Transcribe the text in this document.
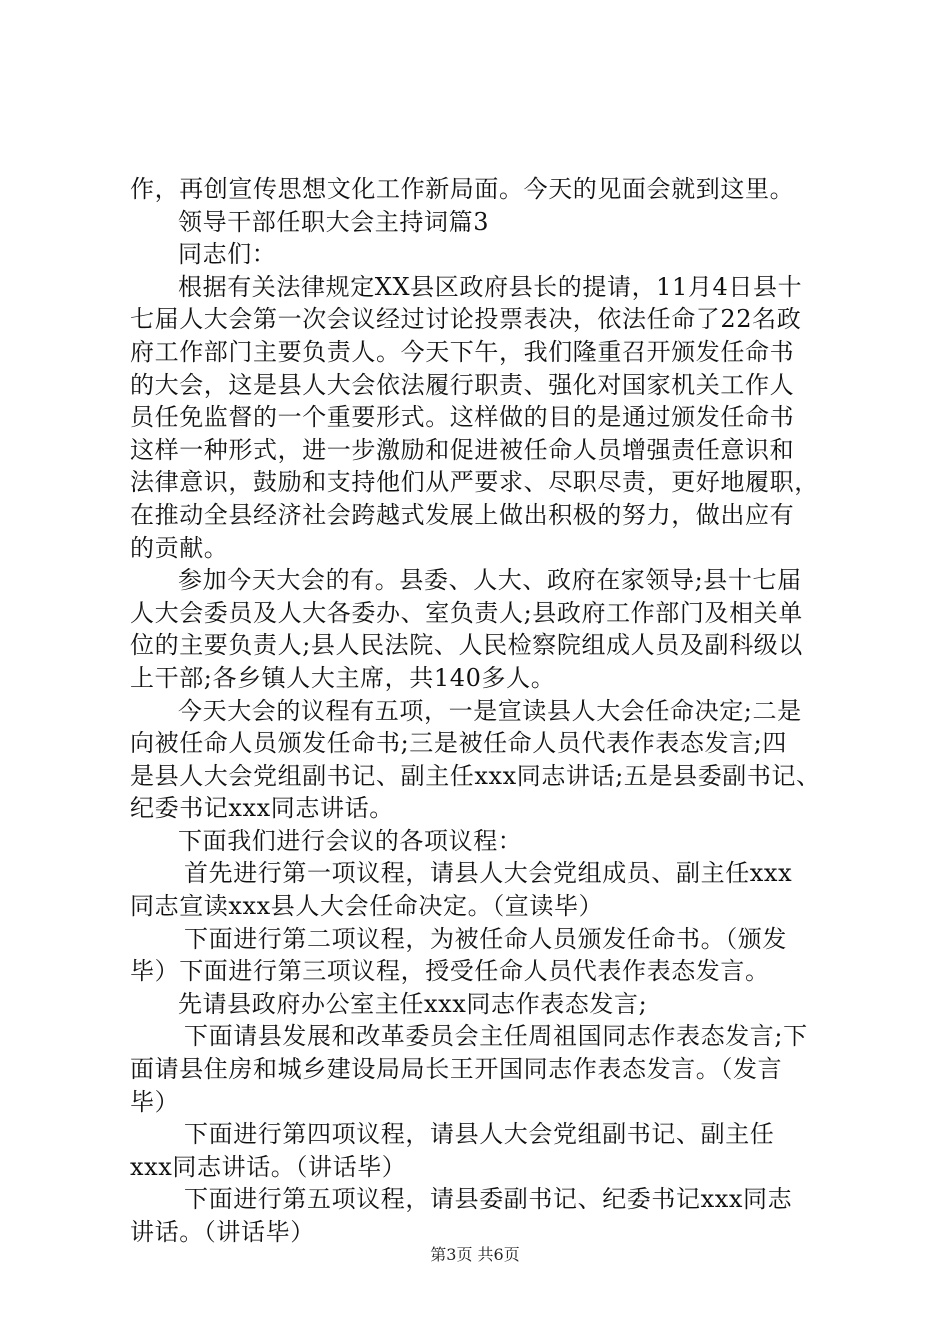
作，再创宣传思想文化工作新局面。今天的见面会就到这里。
领导干部任职大会主持词篇3
同志们：
根据有关法律规定XX县区政府县长的提请，11月4日县十
七届人大会第一次会议经过讨论投票表决，依法任命了22名政
府工作部门主要负责人。今天下午，我们隆重召开颁发任命书
的大会，这是县人大会依法履行职责、强化对国家机关工作人
员任免监督的一个重要形式。这样做的目的是通过颁发任命书
这样一种形式，进一步激励和促进被任命人员增强责任意识和
法律意识，鼓励和支持他们从严要求、尽职尽责，更好地履职，
在推动全县经济社会跨越式发展上做出积极的努力，做出应有
的贡献。
参加今天大会的有。县委、人大、政府在家领导;县十七届
人大会委员及人大各委办、室负责人;县政府工作部门及相关单
位的主要负责人;县人民法院、人民检察院组成人员及副科级以
上干部;各乡镇人大主席，共140多人。
今天大会的议程有五项，一是宣读县人大会任命决定;二是
向被任命人员颁发任命书;三是被任命人员代表作表态发言;四
是县人大会党组副书记、副主任xxx同志讲话;五是县委副书记、
纪委书记xxx同志讲话。
下面我们进行会议的各项议程：
首先进行第一项议程，请县人大会党组成员、副主任xxx
同志宣读xxx县人大会任命决定。（宣读毕）
下面进行第二项议程，为被任命人员颁发任命书。（颁发
毕）下面进行第三项议程，授受任命人员代表作表态发言。
先请县政府办公室主任xxx同志作表态发言;
下面请县发展和改革委员会主任周祖国同志作表态发言;下
面请县住房和城乡建设局局长王开国同志作表态发言。（发言
毕）
下面进行第四项议程，请县人大会党组副书记、副主任
xxx同志讲话。（讲话毕）
下面进行第五项议程，请县委副书记、纪委书记xxx同志
讲话。（讲话毕）
第3页 共6页
